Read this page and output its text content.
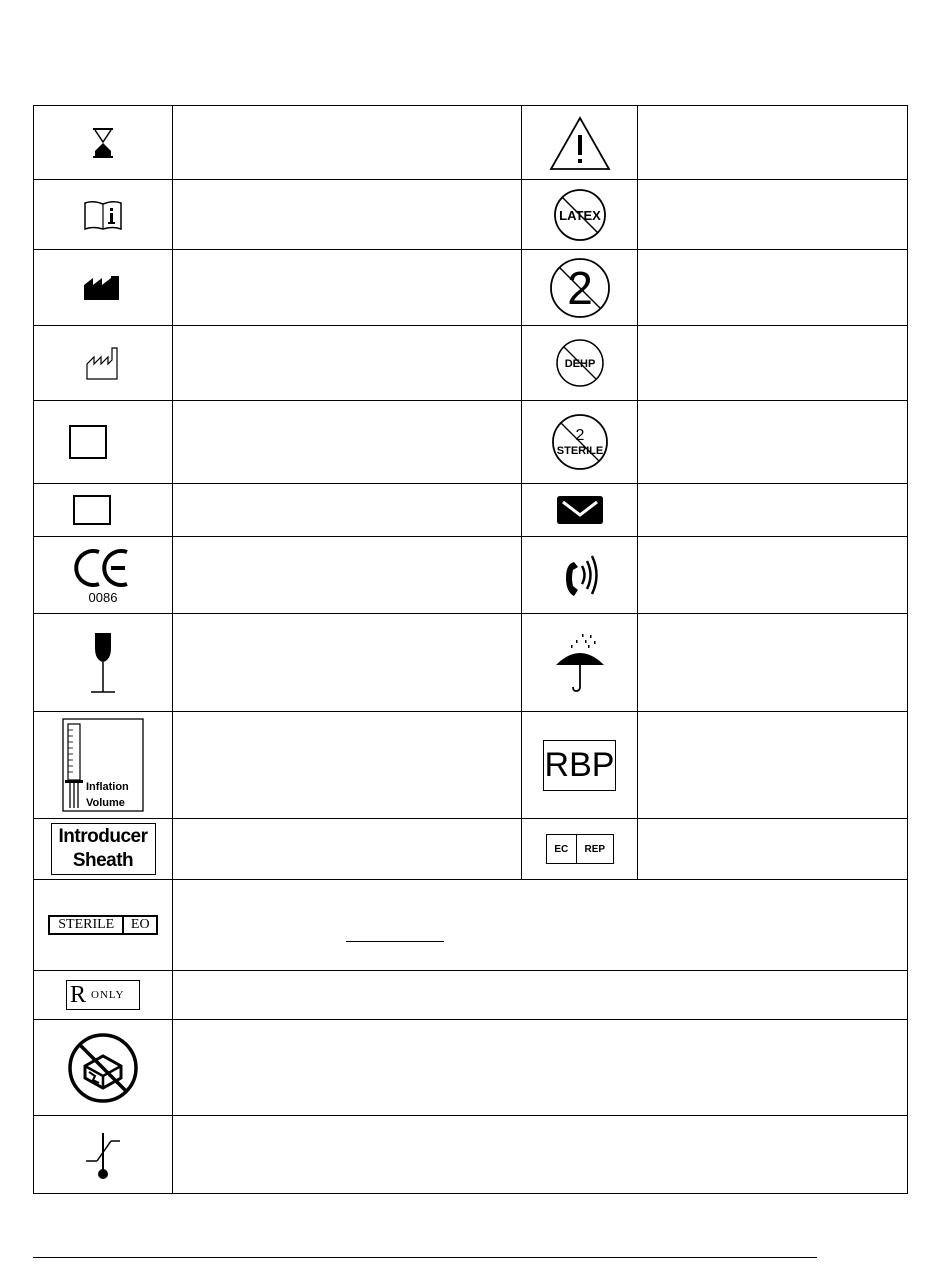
LATEX
2
DEHP
2
STERILE
0086
Inflation
Volume
RBP
Introducer
Sheath
EC	REP
STERILE	EO
R ONLY
